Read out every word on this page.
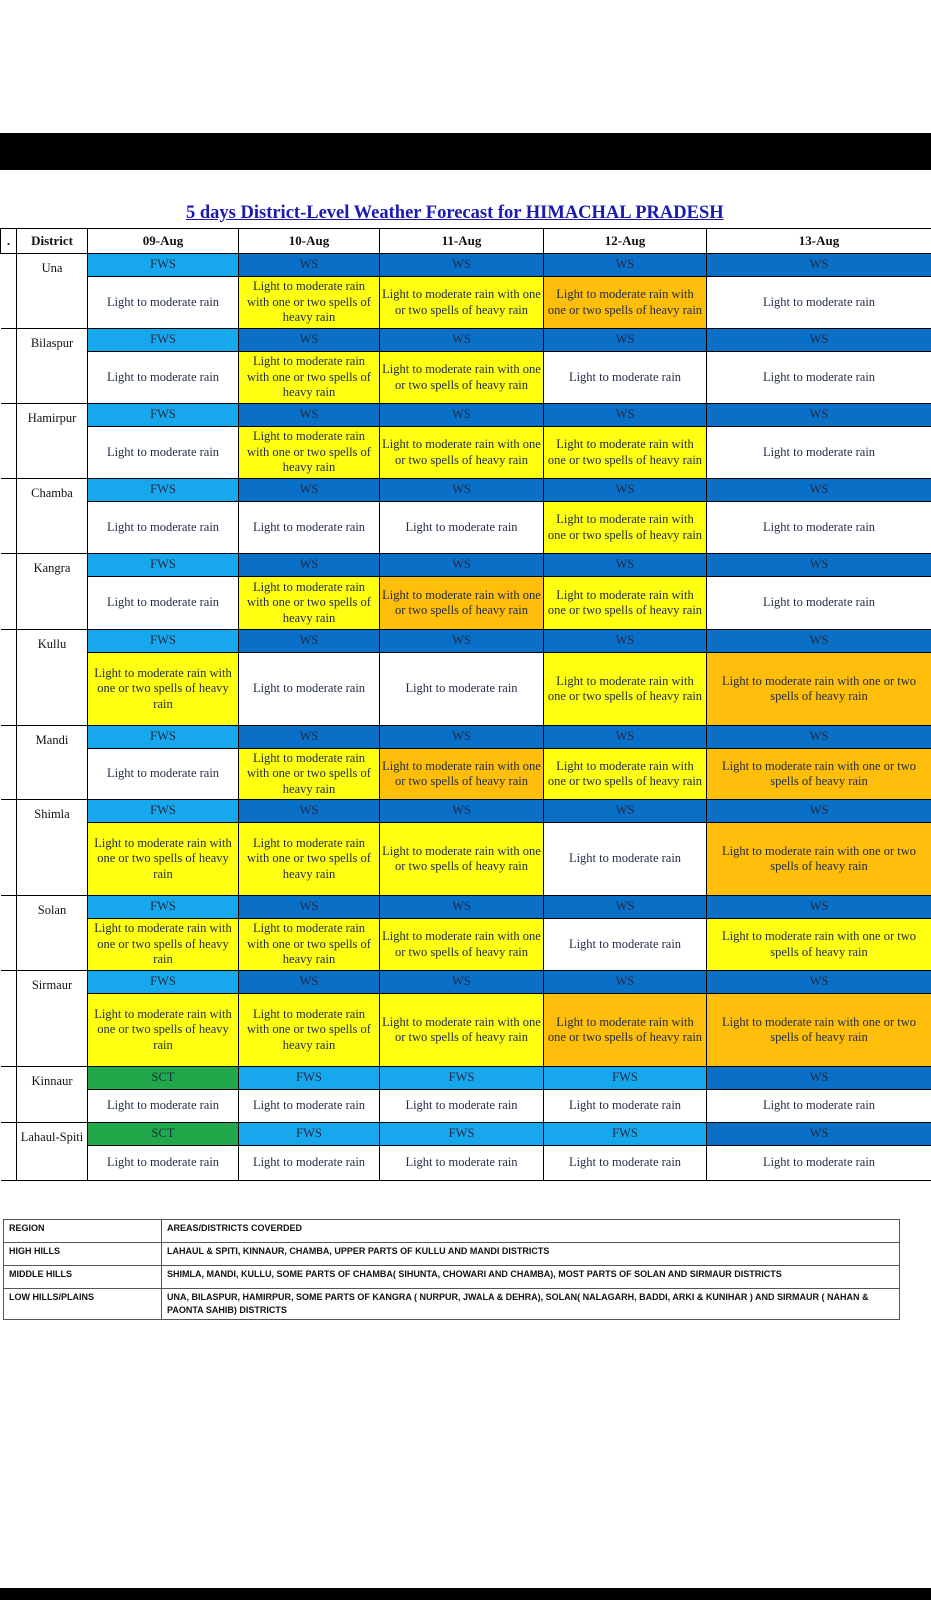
5 days District-Level Weather Forecast for HIMACHAL PRADESH
.	District	09-Aug	10-Aug	11-Aug	12-Aug	13-Aug
	Una	FWS	WS	WS	WS	WS
		Light to moderate rain	Light to moderate rain with one or two spells of heavy rain	Light to moderate rain with one or two spells of heavy rain	Light to moderate rain with one or two spells of heavy rain	Light to moderate rain
	Bilaspur	FWS	WS	WS	WS	WS
		Light to moderate rain	Light to moderate rain with one or two spells of heavy rain	Light to moderate rain with one or two spells of heavy rain	Light to moderate rain	Light to moderate rain
	Hamirpur	FWS	WS	WS	WS	WS
		Light to moderate rain	Light to moderate rain with one or two spells of heavy rain	Light to moderate rain with one or two spells of heavy rain	Light to moderate rain with one or two spells of heavy rain	Light to moderate rain
	Chamba	FWS	WS	WS	WS	WS
		Light to moderate rain	Light to moderate rain	Light to moderate rain	Light to moderate rain with one or two spells of heavy rain	Light to moderate rain
	Kangra	FWS	WS	WS	WS	WS
		Light to moderate rain	Light to moderate rain with one or two spells of heavy rain	Light to moderate rain with one or two spells of heavy rain	Light to moderate rain with one or two spells of heavy rain	Light to moderate rain
	Kullu	FWS	WS	WS	WS	WS
		Light to moderate rain with one or two spells of heavy rain	Light to moderate rain	Light to moderate rain	Light to moderate rain with one or two spells of heavy rain	Light to moderate rain with one or two spells of heavy rain
	Mandi	FWS	WS	WS	WS	WS
		Light to moderate rain	Light to moderate rain with one or two spells of heavy rain	Light to moderate rain with one or two spells of heavy rain	Light to moderate rain with one or two spells of heavy rain	Light to moderate rain with one or two spells of heavy rain
	Shimla	FWS	WS	WS	WS	WS
		Light to moderate rain with one or two spells of heavy rain	Light to moderate rain with one or two spells of heavy rain	Light to moderate rain with one or two spells of heavy rain	Light to moderate rain	Light to moderate rain with one or two spells of heavy rain
	Solan	FWS	WS	WS	WS	WS
		Light to moderate rain with one or two spells of heavy rain	Light to moderate rain with one or two spells of heavy rain	Light to moderate rain with one or two spells of heavy rain	Light to moderate rain	Light to moderate rain with one or two spells of heavy rain
	Sirmaur	FWS	WS	WS	WS	WS
		Light to moderate rain with one or two spells of heavy rain	Light to moderate rain with one or two spells of heavy rain	Light to moderate rain with one or two spells of heavy rain	Light to moderate rain with one or two spells of heavy rain	Light to moderate rain with one or two spells of heavy rain
	Kinnaur	SCT	FWS	FWS	FWS	WS
		Light to moderate rain	Light to moderate rain	Light to moderate rain	Light to moderate rain	Light to moderate rain
	Lahaul-Spiti	SCT	FWS	FWS	FWS	WS
		Light to moderate rain	Light to moderate rain	Light to moderate rain	Light to moderate rain	Light to moderate rain
REGION	AREAS/DISTRICTS COVERDED
HIGH HILLS	LAHAUL & SPITI, KINNAUR, CHAMBA, UPPER PARTS OF KULLU AND MANDI DISTRICTS
MIDDLE HILLS	SHIMLA, MANDI, KULLU, SOME PARTS OF CHAMBA( SIHUNTA, CHOWARI AND CHAMBA), MOST PARTS OF SOLAN AND SIRMAUR DISTRICTS
LOW HILLS/PLAINS	UNA, BILASPUR, HAMIRPUR, SOME PARTS OF KANGRA ( NURPUR, JWALA & DEHRA), SOLAN( NALAGARH, BADDI, ARKI & KUNIHAR ) AND SIRMAUR ( NAHAN & PAONTA SAHIB) DISTRICTS
